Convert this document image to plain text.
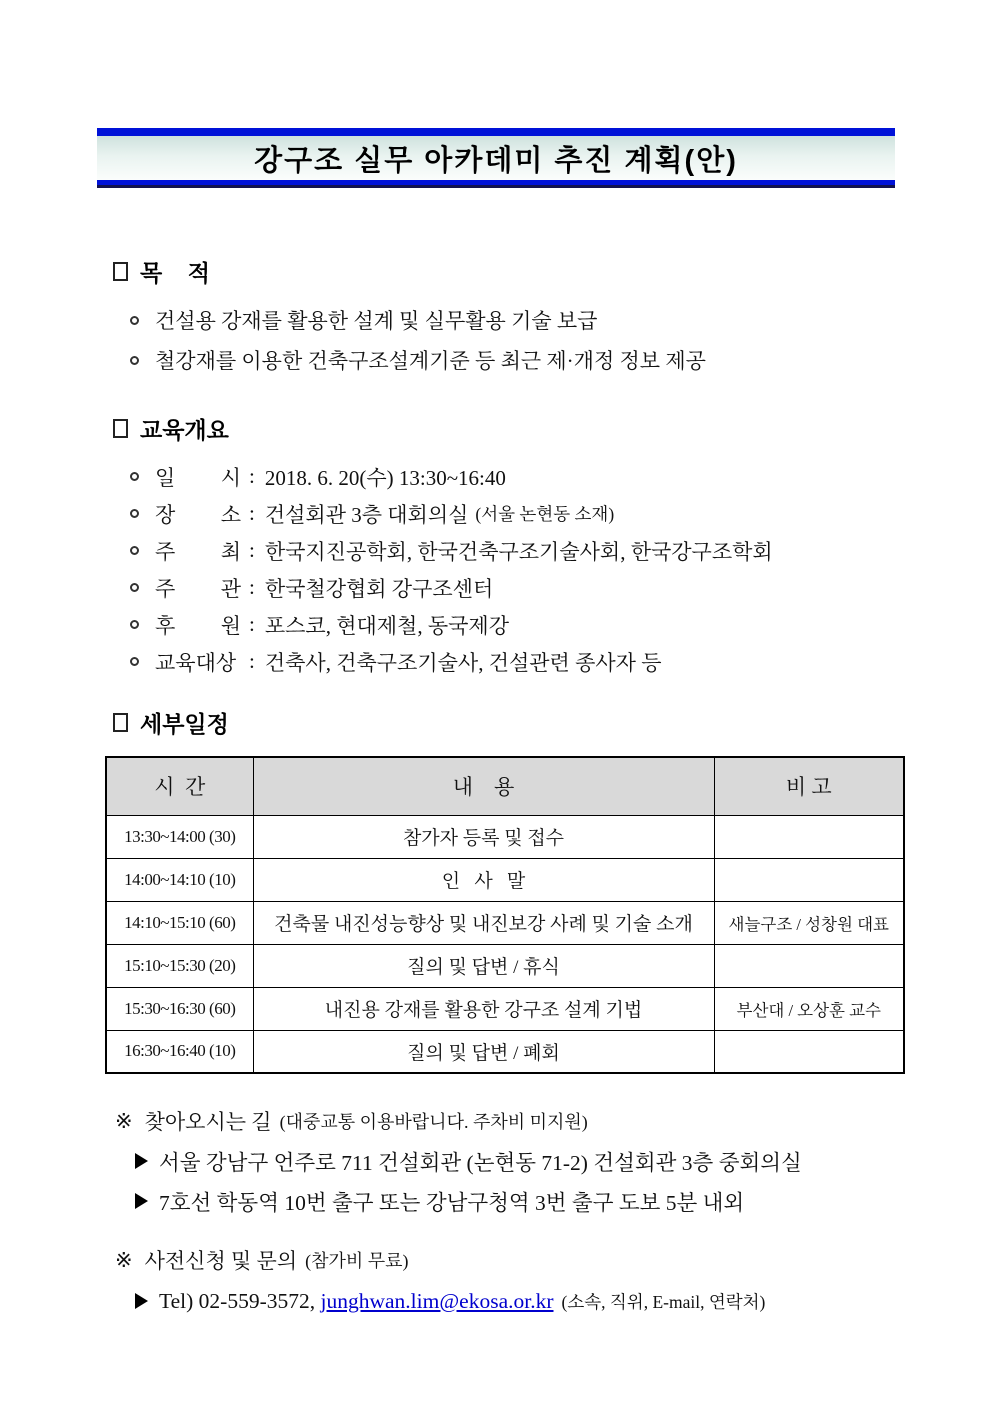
강구조 실무 아카데미 추진 계획(안)
목    적
건설용 강재를 활용한 설계 및 실무활용 기술 보급
철강재를 이용한 건축구조설계기준 등 최근 제·개정 정보 제공
교육개요
일 시 : 2018. 6. 20(수) 13:30~16:40
장 소 : 건설회관 3층 대회의실 (서울 논현동 소재)
주 최 : 한국지진공학회, 한국건축구조기술사회, 한국강구조학회
주 관 : 한국철강협회 강구조센터
후 원 : 포스코, 현대제철, 동국제강
교육대상 : 건축사, 건축구조기술사, 건설관련 종사자 등
세부일정
시  간	내    용	비 고
13:30~14:00 (30)	참가자 등록 및 접수	
14:00~14:10 (10)	인   사   말	
14:10~15:10 (60)	건축물 내진성능향상 및 내진보강 사례 및 기술 소개	새늘구조 / 성창원 대표
15:10~15:30 (20)	질의 및 답변 / 휴식	
15:30~16:30 (60)	내진용 강재를 활용한 강구조 설계 기법	부산대 / 오상훈 교수
16:30~16:40 (10)	질의 및 답변 / 폐회	
※ 찾아오시는 길 (대중교통 이용바랍니다. 주차비 미지원)
서울 강남구 언주로 711 건설회관 (논현동 71-2) 건설회관 3층 중회의실
7호선 학동역 10번 출구 또는 강남구청역 3번 출구 도보 5분 내외
※ 사전신청 및 문의 (참가비 무료)
Tel) 02-559-3572,
junghwan.lim@ekosa.or.kr (소속, 직위, E-mail, 연락처)
